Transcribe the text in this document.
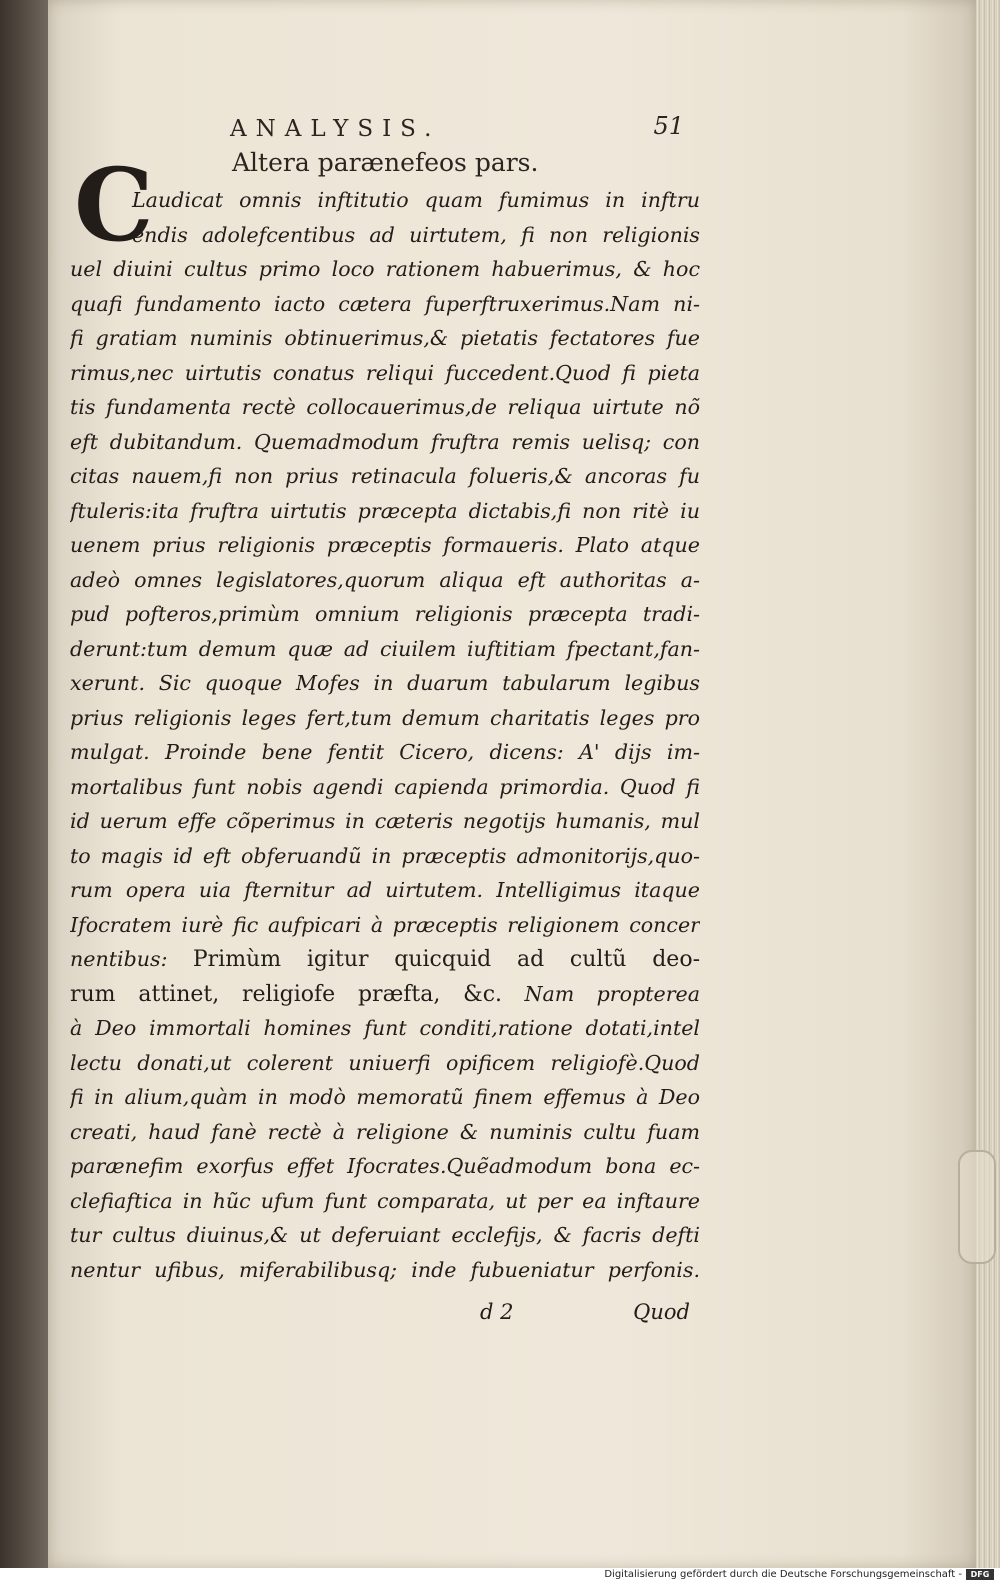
ANALYSIS.	51
Altera parænefeos pars.
C
Laudicat omnis inftitutio quam fumimus in inftru
endis adolefcentibus ad uirtutem, fi non religionis
uel diuini cultus primo loco rationem habuerimus, & hoc
quafi fundamento iacto cætera fuperftruxerimus.Nam ni-
fi gratiam numinis obtinuerimus,& pietatis fectatores fue
rimus,nec uirtutis conatus reliqui fuccedent.Quod fi pieta
tis fundamenta rectè collocauerimus,de reliqua uirtute nõ
eft dubitandum. Quemadmodum fruftra remis uelisq; con
citas nauem,fi non prius retinacula folueris,& ancoras fu
ftuleris:ita fruftra uirtutis præcepta dictabis,fi non ritè iu
uenem prius religionis præceptis formaueris. Plato atque
adeò omnes legislatores,quorum aliqua eft authoritas a-
pud pofteros,primùm omnium religionis præcepta tradi-
derunt:tum demum quæ ad ciuilem iuftitiam fpectant,fan-
xerunt. Sic quoque Mofes in duarum tabularum legibus
prius religionis leges fert,tum demum charitatis leges pro
mulgat. Proinde bene fentit Cicero, dicens: A' dijs im-
mortalibus funt nobis agendi capienda primordia. Quod fi
id uerum effe cõperimus in cæteris negotijs humanis, mul
to magis id eft obferuandũ in præceptis admonitorijs,quo-
rum opera uia fternitur ad uirtutem. Intelligimus itaque
Ifocratem iurè fic aufpicari à præceptis religionem concer
nentibus: Primùm igitur quicquid ad cultũ deo-
rum attinet, religiofe præfta, &c. Nam propterea
à Deo immortali homines funt conditi,ratione dotati,intel
lectu donati,ut colerent uniuerfi opificem religiofè.Quod
fi in alium,quàm in modò memoratũ finem effemus à Deo
creati, haud fanè rectè à religione & numinis cultu fuam
parænefim exorfus effet Ifocrates.Quẽadmodum bona ec-
clefiaftica in hũc ufum funt comparata, ut per ea inftaure
tur cultus diuinus,& ut deferuiant ecclefijs, & facris defti
nentur ufibus, miferabilibusq; inde fubueniatur perfonis.
d 2	Quod
Digitalisierung gefördert durch die Deutsche Forschungsgemeinschaft -	DFG
